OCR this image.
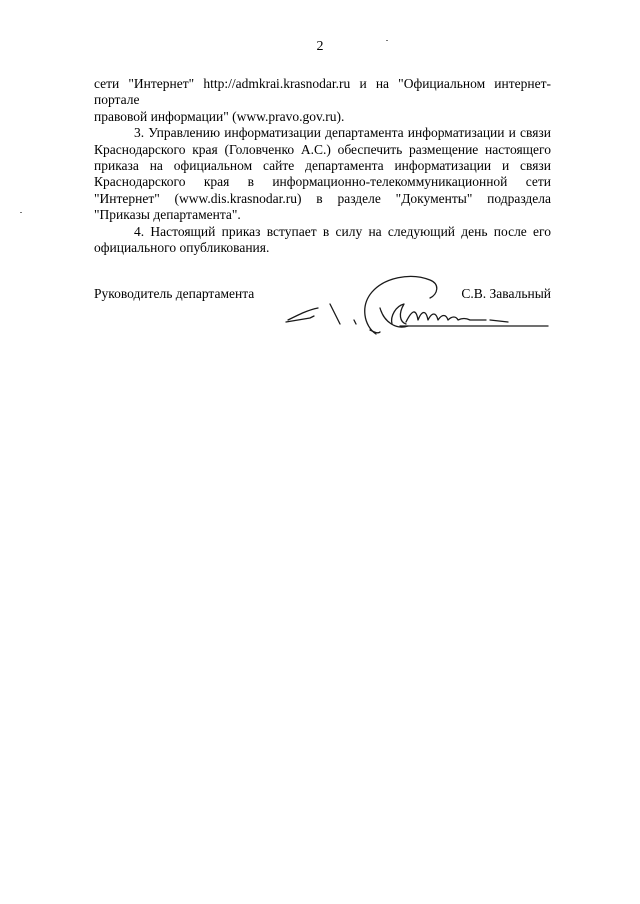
2

сети "Интернет" http://admkrai.krasnodar.ru и на "Официальном интернет-портале
правовой информации" (www.pravo.gov.ru).

3. Управлению информатизации департамента информатизации и связи Краснодарского края (Головченко А.С.) обеспечить размещение настоящего приказа на официальном сайте департамента информатизации и связи Краснодарского края в информационно-телекоммуникационной сети "Интернет" (www.dis.krasnodar.ru) в разделе "Документы" подраздела "Приказы департамента".

4. Настоящий приказ вступает в силу на следующий день после его официального опубликования.

Руководитель департамента	С.В. Завальный
